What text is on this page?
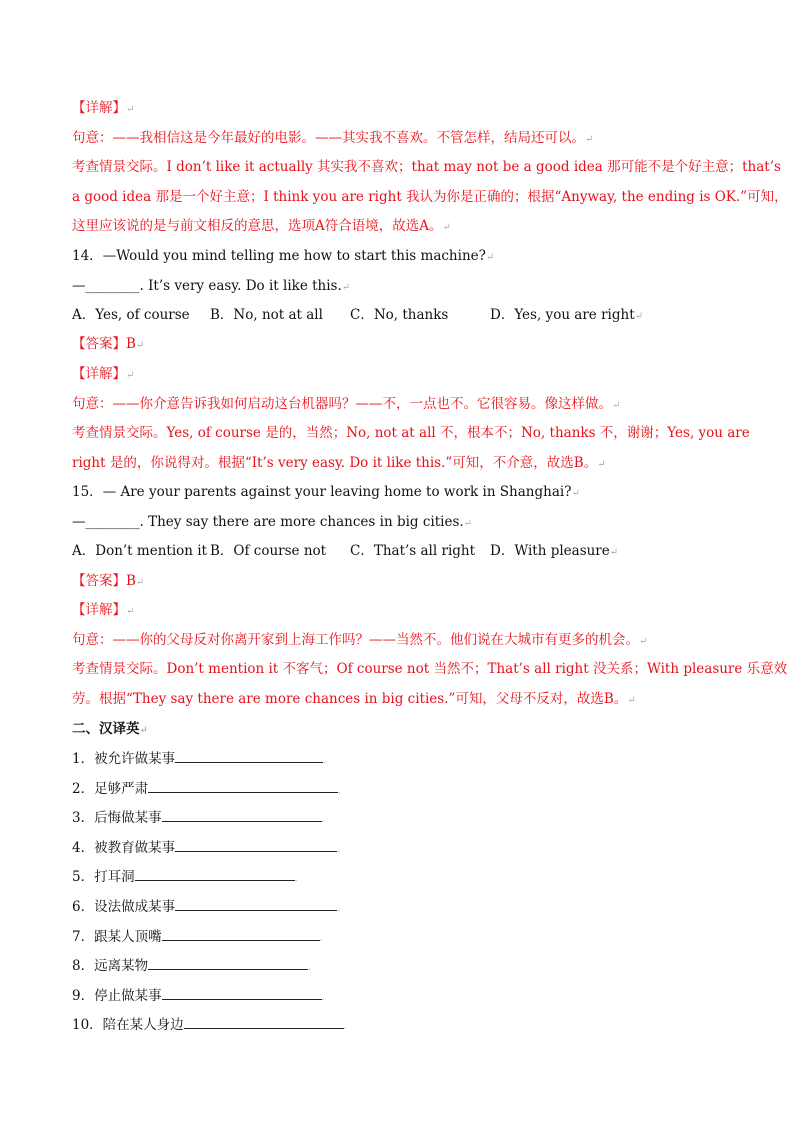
【详解】↵
句意：——我相信这是今年最好的电影。——其实我不喜欢。不管怎样，结局还可以。↵
考查情景交际。I don’t like it actually 其实我不喜欢；that may not be a good idea 那可能不是个好主意；that’s
a good idea 那是一个好主意；I think you are right 我认为你是正确的；根据“Anyway, the ending is OK.”可知，
这里应该说的是与前文相反的意思，选项A符合语境，故选A。↵
14．—Would you mind telling me how to start this machine?↵
—________. It’s very easy. Do it like this.↵
A．Yes, of course B．No, not at all C．No, thanks	D．Yes, you are right↵
【答案】B↵
【详解】↵
句意：——你介意告诉我如何启动这台机器吗？——不，一点也不。它很容易。像这样做。↵
考查情景交际。Yes, of course 是的，当然；No, not at all 不，根本不；No, thanks 不，谢谢；Yes, you are
right 是的，你说得对。根据“It’s very easy. Do it like this.”可知，不介意，故选B。↵
15．— Are your parents against your leaving home to work in Shanghai?↵
—________. They say there are more chances in big cities.↵
A．Don’t mention it B．Of course not C．That’s all right D．With pleasure↵
【答案】B↵
【详解】↵
句意：——你的父母反对你离开家到上海工作吗？——当然不。他们说在大城市有更多的机会。↵
考查情景交际。Don’t mention it 不客气；Of course not 当然不；That’s all right 没关系；With pleasure 乐意效
劳。根据“They say there are more chances in big cities.”可知，父母不反对，故选B。↵
二、汉译英↵
1．被允许做某事	.
2．足够严肃	.
3．后悔做某事	.
4．被教育做某事	.
5．打耳洞	.
6．设法做成某事	.
7．跟某人顶嘴	.
8．远离某物	.
9．停止做某事	.
10．陪在某人身边	.
